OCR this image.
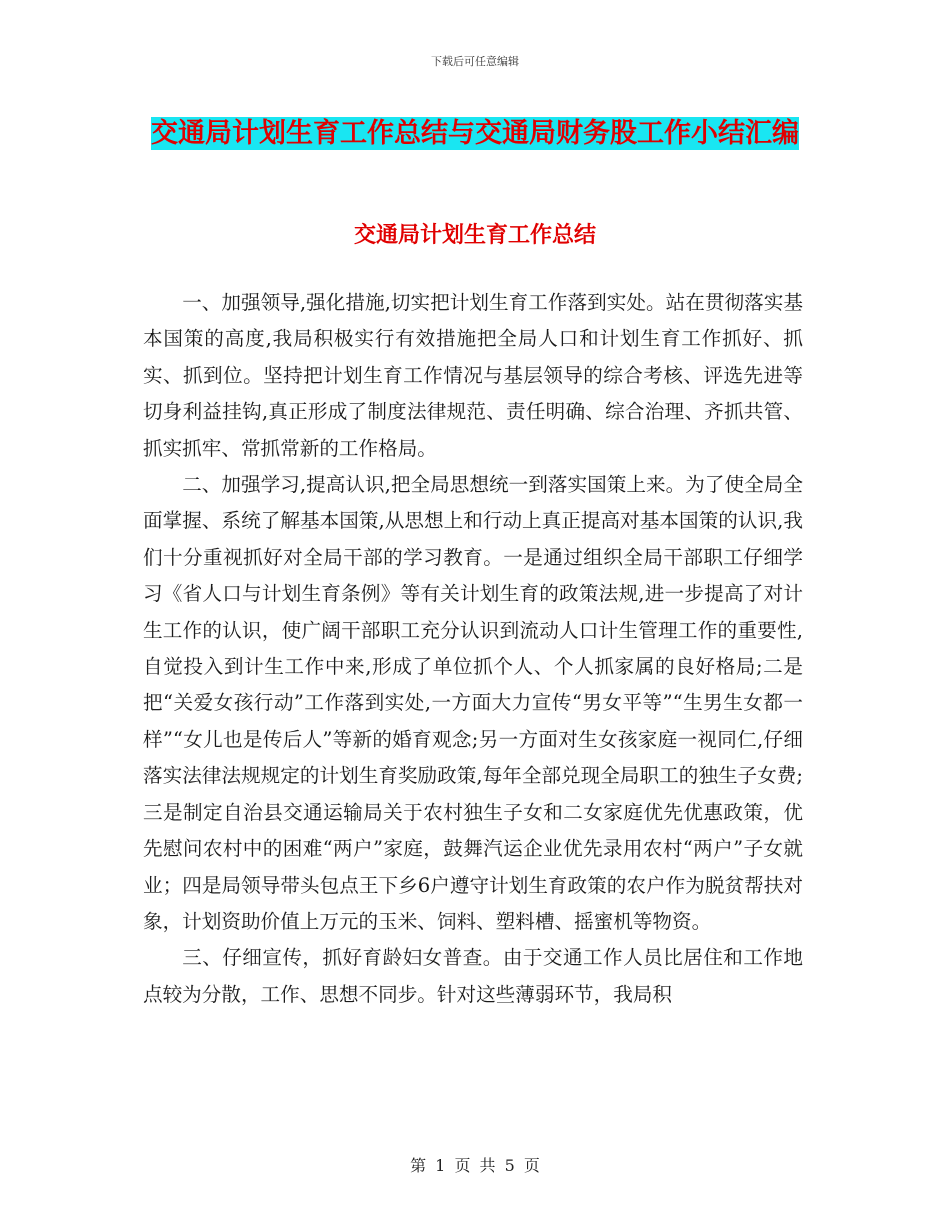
下载后可任意编辑
交通局计划生育工作总结与交通局财务股工作小结汇编
交通局计划生育工作总结

一、加强领导,强化措施,切实把计划生育工作落到实处。站在贯彻落实基本国策的高度,我局积极实行有效措施把全局人口和计划生育工作抓好、抓实、抓到位。坚持把计划生育工作情况与基层领导的综合考核、评选先进等切身利益挂钩,真正形成了制度法律规范、责任明确、综合治理、齐抓共管、抓实抓牢、常抓常新的工作格局。

二、加强学习,提高认识,把全局思想统一到落实国策上来。为了使全局全面掌握、系统了解基本国策,从思想上和行动上真正提高对基本国策的认识,我们十分重视抓好对全局干部的学习教育。一是通过组织全局干部职工仔细学习《省人口与计划生育条例》等有关计划生育的政策法规,进一步提高了对计生工作的认识，使广阔干部职工充分认识到流动人口计生管理工作的重要性,自觉投入到计生工作中来,形成了单位抓个人、个人抓家属的良好格局;二是把“关爱女孩行动”工作落到实处,一方面大力宣传“男女平等”“生男生女都一样”“女儿也是传后人”等新的婚育观念;另一方面对生女孩家庭一视同仁,仔细落实法律法规规定的计划生育奖励政策,每年全部兑现全局职工的独生子女费;三是制定自治县交通运输局关于农村独生子女和二女家庭优先优惠政策，优先慰问农村中的困难“两户”家庭，鼓舞汽运企业优先录用农村“两户”子女就业；四是局领导带头包点王下乡6户遵守计划生育政策的农户作为脱贫帮扶对象，计划资助价值上万元的玉米、饲料、塑料槽、摇蜜机等物资。

三、仔细宣传，抓好育龄妇女普查。由于交通工作人员比居住和工作地点较为分散，工作、思想不同步。针对这些薄弱环节，我局积

第 1 页 共 5 页
